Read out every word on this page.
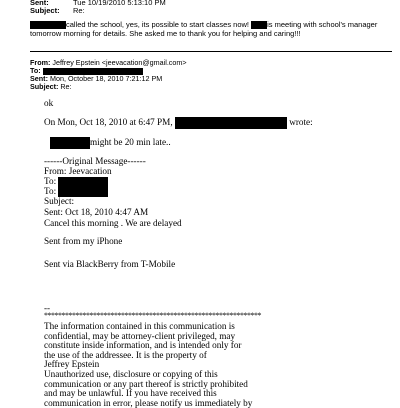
Sent:	Tue 10/19/2010 5:13:10 PM
Subject: Re:
called the school, yes, its possible to start classes now! is meeting with school's manager
tomorrow morning for details. She asked me to thank you for helping and caring!!!
From: Jeffrey Epstein <jeevacation@gmail.com>
To:
Sent: Mon, October 18, 2010 7:21:12 PM
Subject: Re:
ok
On Mon, Oct 18, 2010 at 6:47 PM,	wrote:
might be 20 min late..
------Original Message------
From: Jeevacation
To:
To:
Subject:
Sent: Oct 18, 2010 4:47 AM
Cancel this morning . We are delayed
Sent from my iPhone
Sent via BlackBerry from T-Mobile
--
**************************************************************
The information contained in this communication is
confidential, may be attorney-client privileged, may
constitute inside information, and is intended only for
the use of the addressee. It is the property of
Jeffrey Epstein
Unauthorized use, disclosure or copying of this
communication or any part thereof is strictly prohibited
and may be unlawful. If you have received this
communication in error, please notify us immediately by
